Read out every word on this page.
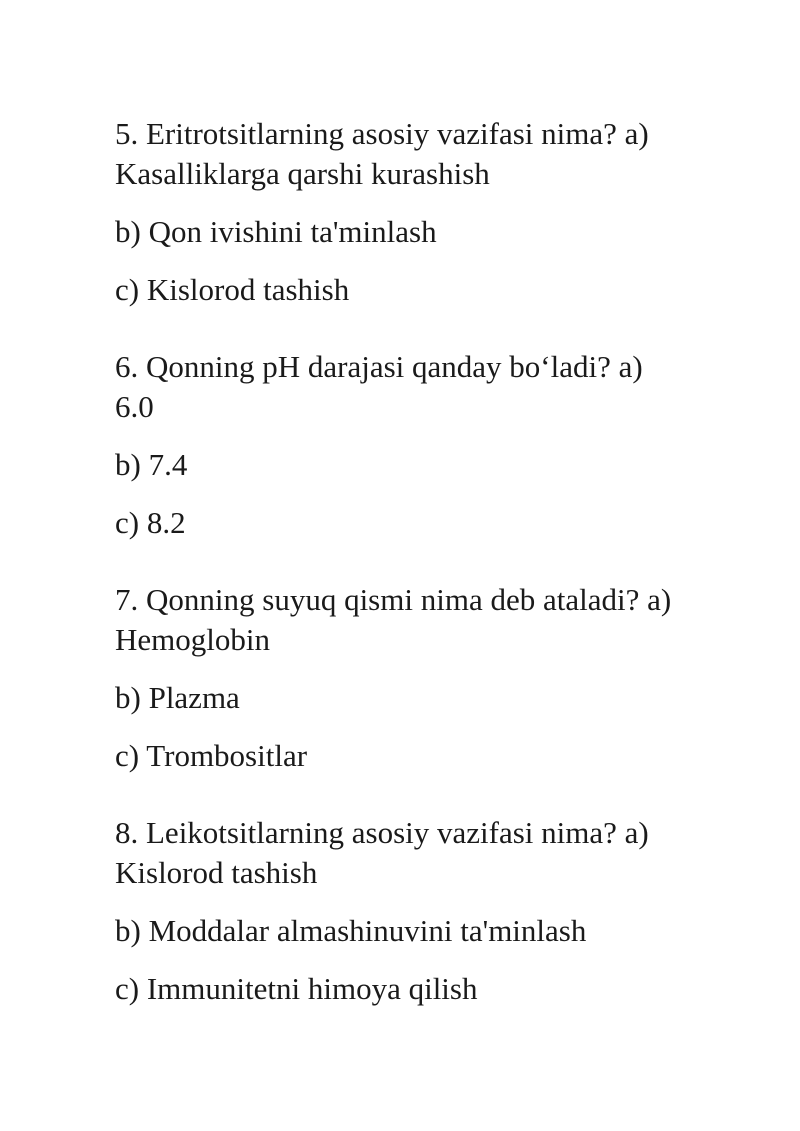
5. Eritrotsitlarning asosiy vazifasi nima? a)
Kasalliklarga qarshi kurashish

b) Qon ivishini ta'minlash

c) Kislorod tashish

6. Qonning pH darajasi qanday bo‘ladi? a)
6.0

b) 7.4

c) 8.2

7. Qonning suyuq qismi nima deb ataladi? a)
Hemoglobin

b) Plazma

c) Trombositlar

8. Leikotsitlarning asosiy vazifasi nima? a)
Kislorod tashish

b) Moddalar almashinuvini ta'minlash

c) Immunitetni himoya qilish
